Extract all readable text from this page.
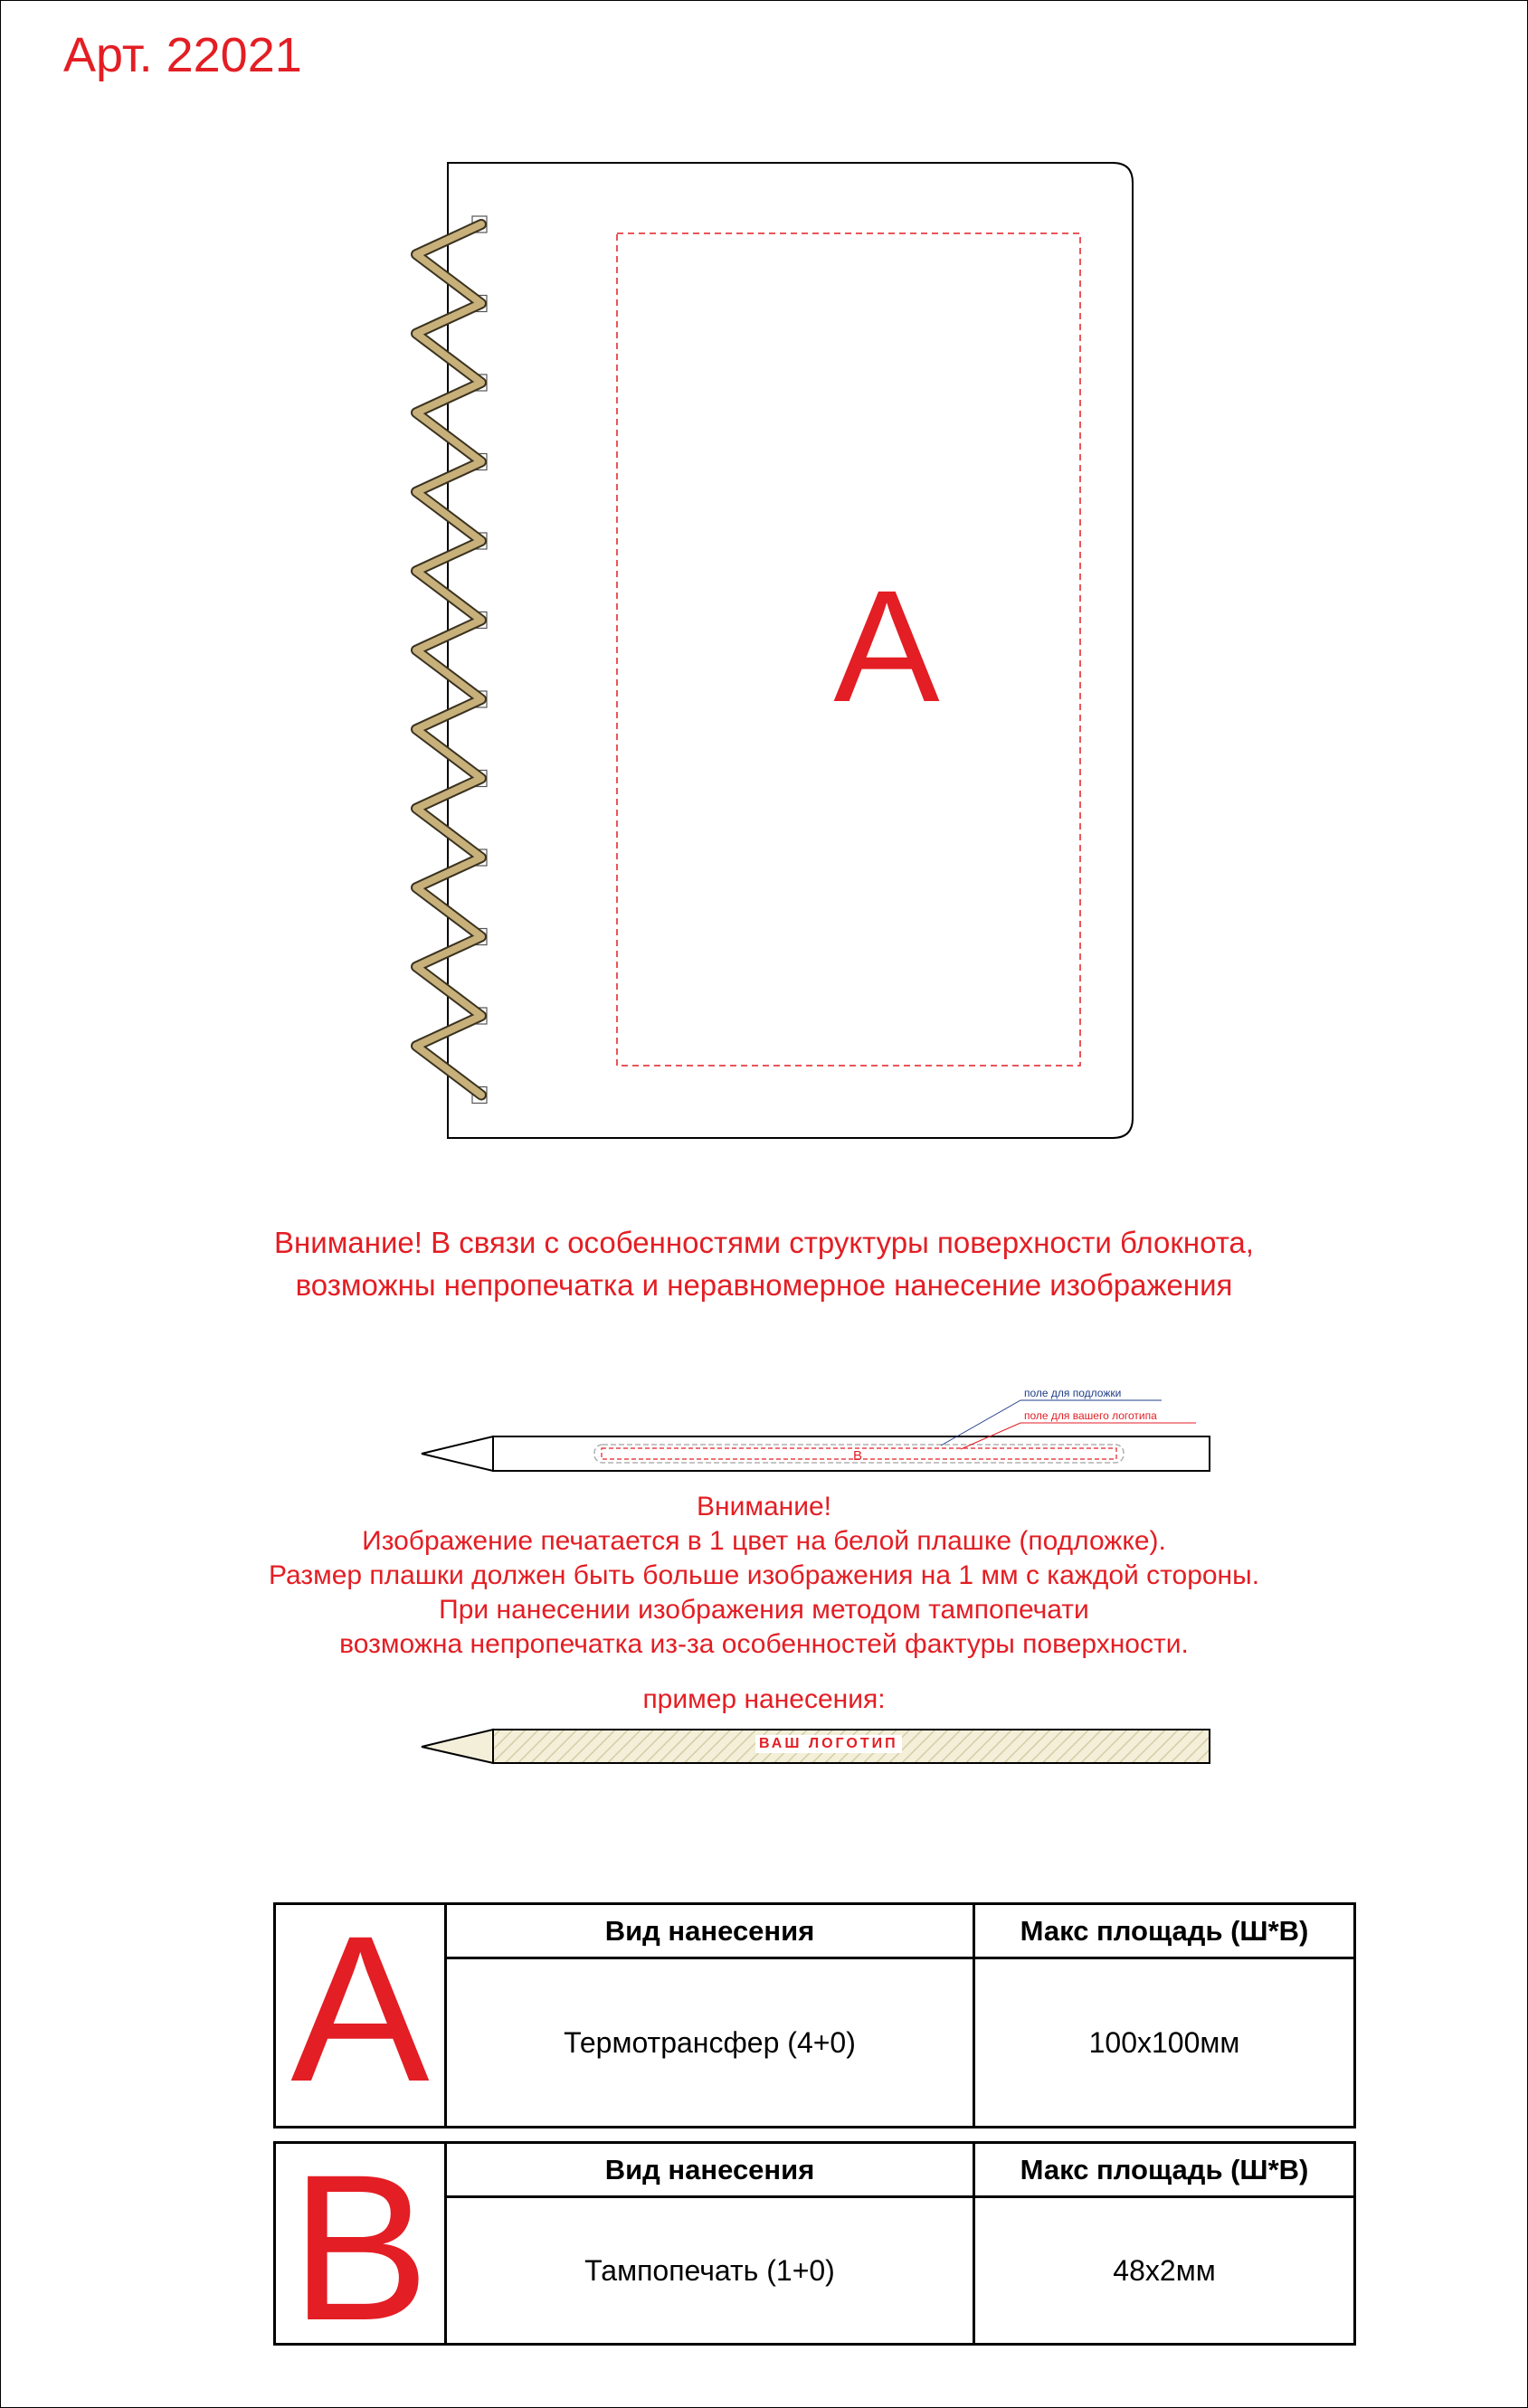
Арт. 22021
A
Внимание! В связи с особенностями структуры поверхности блокнота,
возможны непропечатка и неравномерное нанесение изображения
B
поле для подложки
поле для вашего логотипа
Внимание!
Изображение печатается в 1 цвет на белой плашке (подложке).
Размер плашки должен быть больше изображения на 1 мм с каждой стороны.
При нанесении изображения методом тампопечати
возможна непропечатка из-за особенностей фактуры поверхности.
пример нанесения:
ВАШ ЛОГОТИП
A	Вид нанесения	Макс площадь (Ш*В)
Термотрансфер (4+0)	100х100мм
B	Вид нанесения	Макс площадь (Ш*В)
Тампопечать (1+0)	48х2мм
